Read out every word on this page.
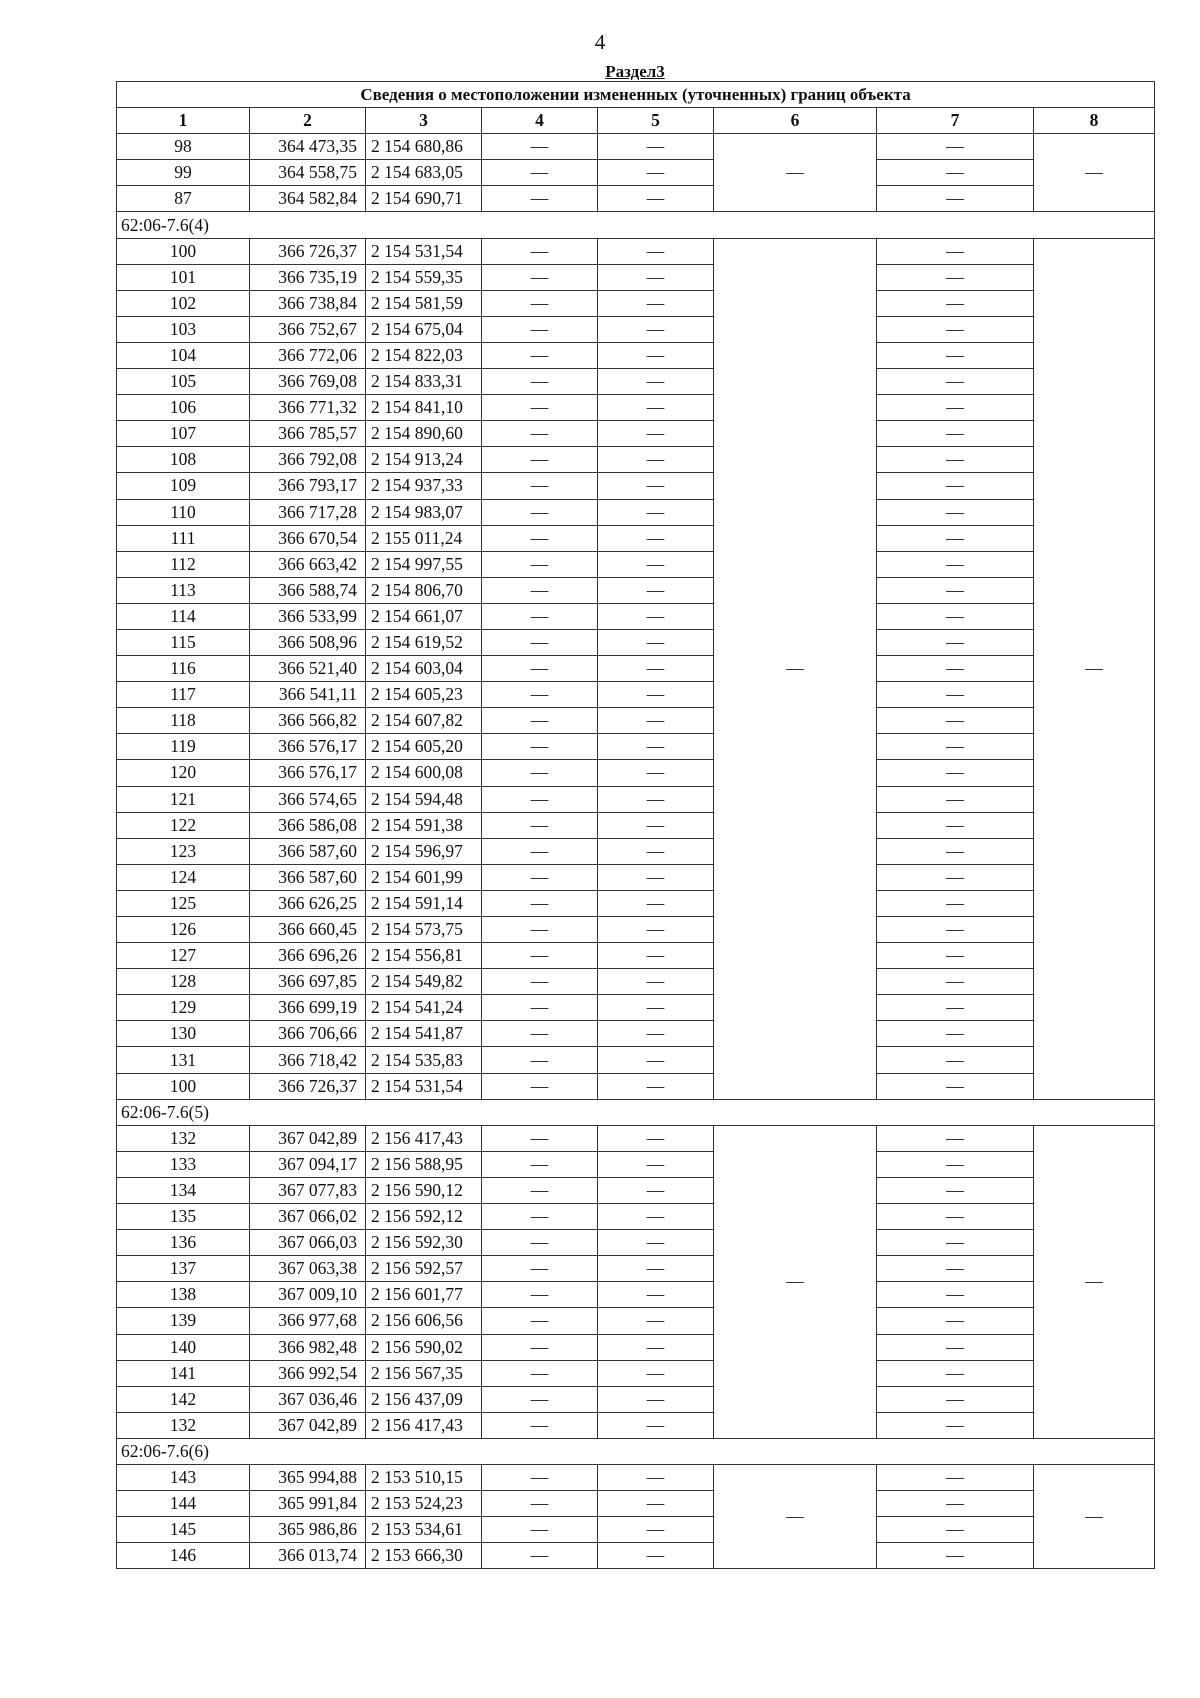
4
Раздел3
Сведения о местоположении измененных (уточненных) границ объекта							
1	2	3	4	5	6	7	8
98	364 473,35	2 154 680,86	—	—	—	—	—
99	364 558,75	2 154 683,05	—	—		—	
87	364 582,84	2 154 690,71	—	—		—	
62:06-7.6(4)							
100	366 726,37	2 154 531,54	—	—	—	—	—
101	366 735,19	2 154 559,35	—	—		—	
102	366 738,84	2 154 581,59	—	—		—	
103	366 752,67	2 154 675,04	—	—		—	
104	366 772,06	2 154 822,03	—	—		—	
105	366 769,08	2 154 833,31	—	—		—	
106	366 771,32	2 154 841,10	—	—		—	
107	366 785,57	2 154 890,60	—	—		—	
108	366 792,08	2 154 913,24	—	—		—	
109	366 793,17	2 154 937,33	—	—		—	
110	366 717,28	2 154 983,07	—	—		—	
111	366 670,54	2 155 011,24	—	—		—	
112	366 663,42	2 154 997,55	—	—		—	
113	366 588,74	2 154 806,70	—	—		—	
114	366 533,99	2 154 661,07	—	—		—	
115	366 508,96	2 154 619,52	—	—		—	
116	366 521,40	2 154 603,04	—	—		—	
117	366 541,11	2 154 605,23	—	—		—	
118	366 566,82	2 154 607,82	—	—		—	
119	366 576,17	2 154 605,20	—	—		—	
120	366 576,17	2 154 600,08	—	—		—	
121	366 574,65	2 154 594,48	—	—		—	
122	366 586,08	2 154 591,38	—	—		—	
123	366 587,60	2 154 596,97	—	—		—	
124	366 587,60	2 154 601,99	—	—		—	
125	366 626,25	2 154 591,14	—	—		—	
126	366 660,45	2 154 573,75	—	—		—	
127	366 696,26	2 154 556,81	—	—		—	
128	366 697,85	2 154 549,82	—	—		—	
129	366 699,19	2 154 541,24	—	—		—	
130	366 706,66	2 154 541,87	—	—		—	
131	366 718,42	2 154 535,83	—	—		—	
100	366 726,37	2 154 531,54	—	—		—	
62:06-7.6(5)							
132	367 042,89	2 156 417,43	—	—	—	—	—
133	367 094,17	2 156 588,95	—	—		—	
134	367 077,83	2 156 590,12	—	—		—	
135	367 066,02	2 156 592,12	—	—		—	
136	367 066,03	2 156 592,30	—	—		—	
137	367 063,38	2 156 592,57	—	—		—	
138	367 009,10	2 156 601,77	—	—		—	
139	366 977,68	2 156 606,56	—	—		—	
140	366 982,48	2 156 590,02	—	—		—	
141	366 992,54	2 156 567,35	—	—		—	
142	367 036,46	2 156 437,09	—	—		—	
132	367 042,89	2 156 417,43	—	—		—	
62:06-7.6(6)							
143	365 994,88	2 153 510,15	—	—	—	—	—
144	365 991,84	2 153 524,23	—	—		—	
145	365 986,86	2 153 534,61	—	—		—	
146	366 013,74	2 153 666,30	—	—		—	
